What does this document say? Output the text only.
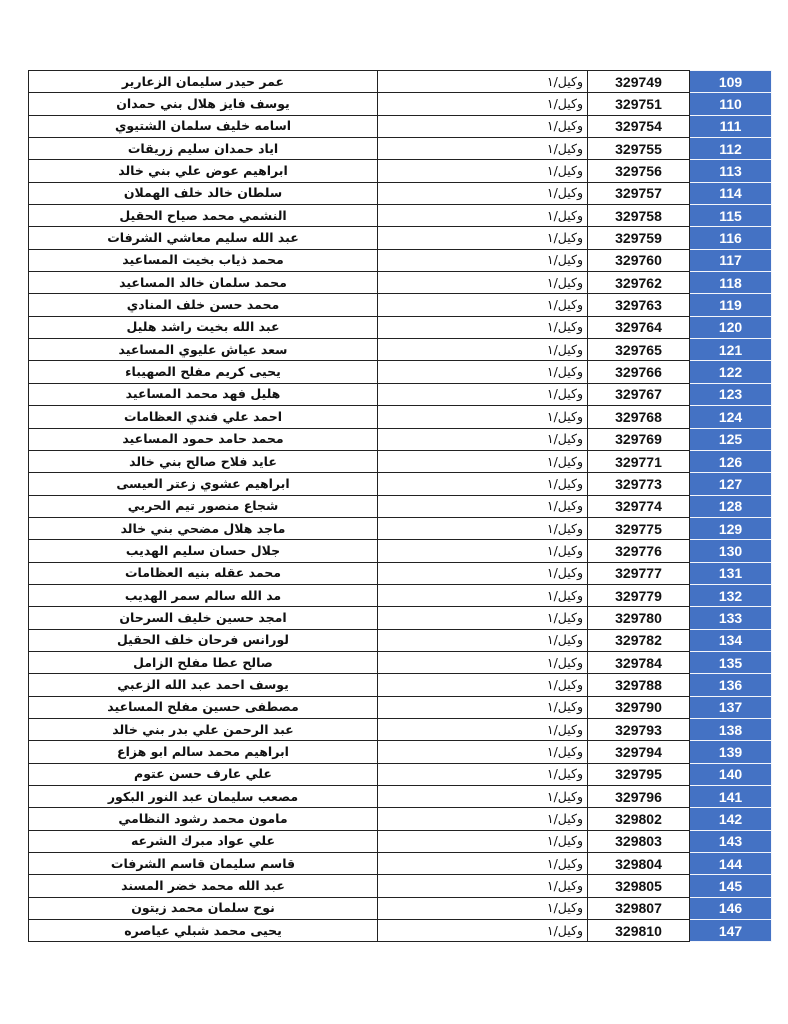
عمر حيدر سليمان الزعارير	وكيل/١	329749	109
يوسف فايز هلال بني حمدان	وكيل/١	329751	110
اسامه خليف سلمان الشتيوي	وكيل/١	329754	111
اياد حمدان سليم زريقات	وكيل/١	329755	112
ابراهيم عوض علي بني خالد	وكيل/١	329756	113
سلطان خالد خلف الهملان	وكيل/١	329757	114
النشمي محمد صياح الحقيل	وكيل/١	329758	115
عبد الله سليم معاشي الشرفات	وكيل/١	329759	116
محمد ذياب بخيت المساعيد	وكيل/١	329760	117
محمد سلمان خالد المساعيد	وكيل/١	329762	118
محمد حسن خلف المنادي	وكيل/١	329763	119
عبد الله بخيت راشد هليل	وكيل/١	329764	120
سعد عياش عليوي المساعيد	وكيل/١	329765	121
يحيى كريم مفلح الصهيباء	وكيل/١	329766	122
هليل فهد محمد المساعيد	وكيل/١	329767	123
احمد علي فندي العظامات	وكيل/١	329768	124
محمد حامد حمود المساعيد	وكيل/١	329769	125
عايد فلاح صالح بني خالد	وكيل/١	329771	126
ابراهيم عشوي زعتر العيسى	وكيل/١	329773	127
شجاع منصور تيم الحربي	وكيل/١	329774	128
ماجد هلال مضحي بني خالد	وكيل/١	329775	129
جلال حسان سليم الهديب	وكيل/١	329776	130
محمد عقله بنيه العظامات	وكيل/١	329777	131
مد الله سالم سمر الهديب	وكيل/١	329779	132
امجد حسين خليف السرحان	وكيل/١	329780	133
لورانس فرحان خلف الحقيل	وكيل/١	329782	134
صالح عطا مفلح الزامل	وكيل/١	329784	135
يوسف احمد عبد الله الزعبي	وكيل/١	329788	136
مصطفى حسين مفلح المساعيد	وكيل/١	329790	137
عبد الرحمن علي بدر بني خالد	وكيل/١	329793	138
ابراهيم محمد سالم ابو هزاع	وكيل/١	329794	139
علي عارف حسن عتوم	وكيل/١	329795	140
مصعب سليمان عبد النور البكور	وكيل/١	329796	141
مامون محمد رشود النظامي	وكيل/١	329802	142
علي عواد مبرك الشرعه	وكيل/١	329803	143
قاسم سليمان قاسم الشرفات	وكيل/١	329804	144
عبد الله محمد خضر المسند	وكيل/١	329805	145
نوح سلمان محمد زيتون	وكيل/١	329807	146
يحيى محمد شبلي عياصره	وكيل/١	329810	147
